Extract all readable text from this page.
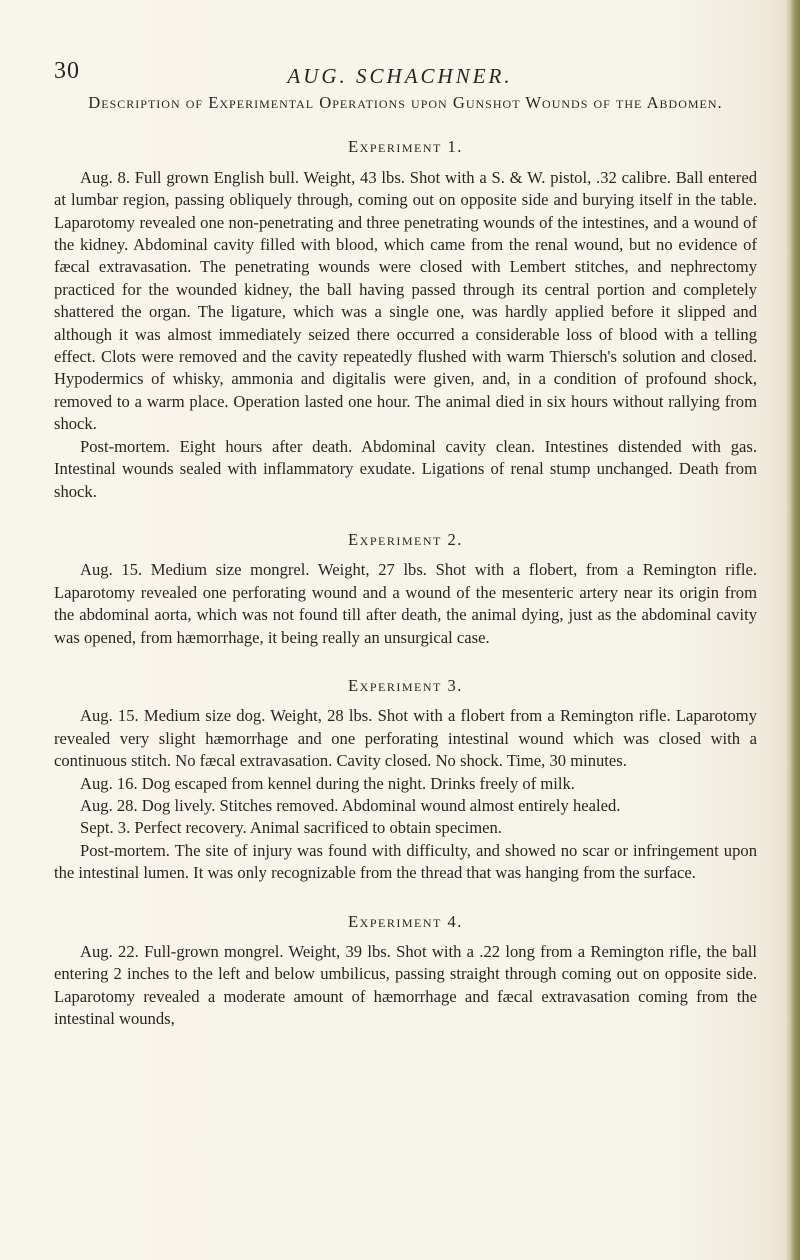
30	AUG. SCHACHNER.
Description of Experimental Operations upon Gunshot Wounds of the Abdomen.
Experiment 1.

Aug. 8. Full grown English bull. Weight, 43 lbs. Shot with a S. & W. pistol, .32 calibre. Ball entered at lumbar region, passing obliquely through, coming out on opposite side and burying itself in the table. Laparotomy revealed one non-penetrating and three penetrating wounds of the intestines, and a wound of the kidney. Abdominal cavity filled with blood, which came from the renal wound, but no evidence of fæcal extravasation. The penetrating wounds were closed with Lembert stitches, and nephrectomy practiced for the wounded kidney, the ball having passed through its central portion and completely shattered the organ. The ligature, which was a single one, was hardly applied before it slipped and although it was almost immediately seized there occurred a considerable loss of blood with a telling effect. Clots were removed and the cavity repeatedly flushed with warm Thiersch's solution and closed. Hypodermics of whisky, ammonia and digitalis were given, and, in a condition of profound shock, removed to a warm place. Operation lasted one hour. The animal died in six hours without rallying from shock.

Post-mortem. Eight hours after death. Abdominal cavity clean. Intestines distended with gas. Intestinal wounds sealed with inflammatory exudate. Ligations of renal stump unchanged. Death from shock.

Experiment 2.

Aug. 15. Medium size mongrel. Weight, 27 lbs. Shot with a flobert, from a Remington rifle. Laparotomy revealed one perforating wound and a wound of the mesenteric artery near its origin from the abdominal aorta, which was not found till after death, the animal dying, just as the abdominal cavity was opened, from hæmorrhage, it being really an unsurgical case.

Experiment 3.

Aug. 15. Medium size dog. Weight, 28 lbs. Shot with a flobert from a Remington rifle. Laparotomy revealed very slight hæmorrhage and one perforating intestinal wound which was closed with a continuous stitch. No fæcal extravasation. Cavity closed. No shock. Time, 30 minutes.

Aug. 16. Dog escaped from kennel during the night. Drinks freely of milk.

Aug. 28. Dog lively. Stitches removed. Abdominal wound almost entirely healed.

Sept. 3. Perfect recovery. Animal sacrificed to obtain specimen.

Post-mortem. The site of injury was found with difficulty, and showed no scar or infringement upon the intestinal lumen. It was only recognizable from the thread that was hanging from the surface.

Experiment 4.

Aug. 22. Full-grown mongrel. Weight, 39 lbs. Shot with a .22 long from a Remington rifle, the ball entering 2 inches to the left and below umbilicus, passing straight through coming out on opposite side. Laparotomy revealed a moderate amount of hæmorrhage and fæcal extravasation coming from the intestinal wounds,
